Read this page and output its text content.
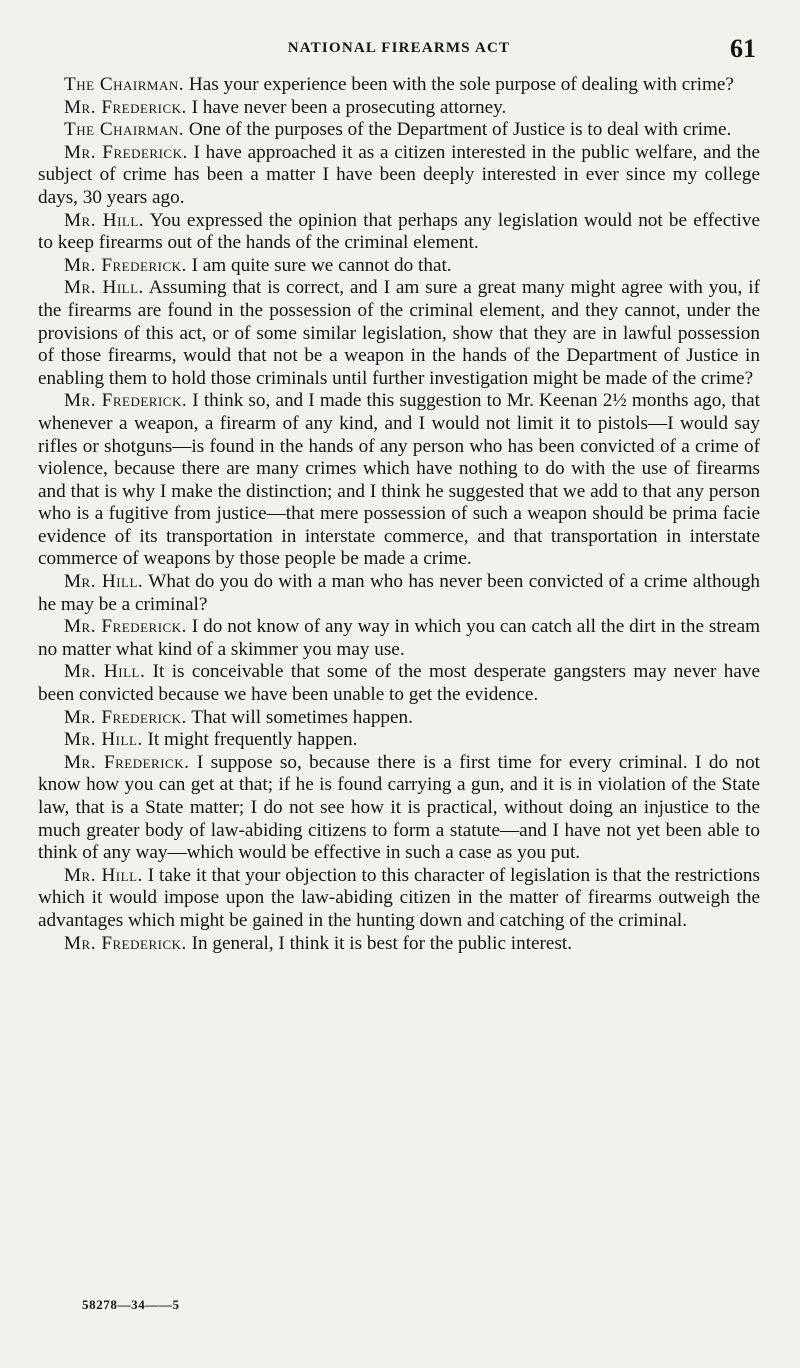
NATIONAL FIREARMS ACT	61

The Chairman. Has your experience been with the sole purpose of dealing with crime?

Mr. Frederick. I have never been a prosecuting attorney.

The Chairman. One of the purposes of the Department of Justice is to deal with crime.

Mr. Frederick. I have approached it as a citizen interested in the public welfare, and the subject of crime has been a matter I have been deeply interested in ever since my college days, 30 years ago.

Mr. Hill. You expressed the opinion that perhaps any legislation would not be effective to keep firearms out of the hands of the criminal element.

Mr. Frederick. I am quite sure we cannot do that.

Mr. Hill. Assuming that is correct, and I am sure a great many might agree with you, if the firearms are found in the possession of the criminal element, and they cannot, under the provisions of this act, or of some similar legislation, show that they are in lawful possession of those firearms, would that not be a weapon in the hands of the Department of Justice in enabling them to hold those criminals until further investigation might be made of the crime?

Mr. Frederick. I think so, and I made this suggestion to Mr. Keenan 2½ months ago, that whenever a weapon, a firearm of any kind, and I would not limit it to pistols—I would say rifles or shotguns—is found in the hands of any person who has been convicted of a crime of violence, because there are many crimes which have nothing to do with the use of firearms and that is why I make the distinction; and I think he suggested that we add to that any person who is a fugitive from justice—that mere possession of such a weapon should be prima facie evidence of its transportation in interstate commerce, and that transportation in interstate commerce of weapons by those people be made a crime.

Mr. Hill. What do you do with a man who has never been convicted of a crime although he may be a criminal?

Mr. Frederick. I do not know of any way in which you can catch all the dirt in the stream no matter what kind of a skimmer you may use.

Mr. Hill. It is conceivable that some of the most desperate gangsters may never have been convicted because we have been unable to get the evidence.

Mr. Frederick. That will sometimes happen.

Mr. Hill. It might frequently happen.

Mr. Frederick. I suppose so, because there is a first time for every criminal. I do not know how you can get at that; if he is found carrying a gun, and it is in violation of the State law, that is a State matter; I do not see how it is practical, without doing an injustice to the much greater body of law-abiding citizens to form a statute—and I have not yet been able to think of any way—which would be effective in such a case as you put.

Mr. Hill. I take it that your objection to this character of legislation is that the restrictions which it would impose upon the law-abiding citizen in the matter of firearms outweigh the advantages which might be gained in the hunting down and catching of the criminal.

Mr. Frederick. In general, I think it is best for the public interest.

58278—34——5
